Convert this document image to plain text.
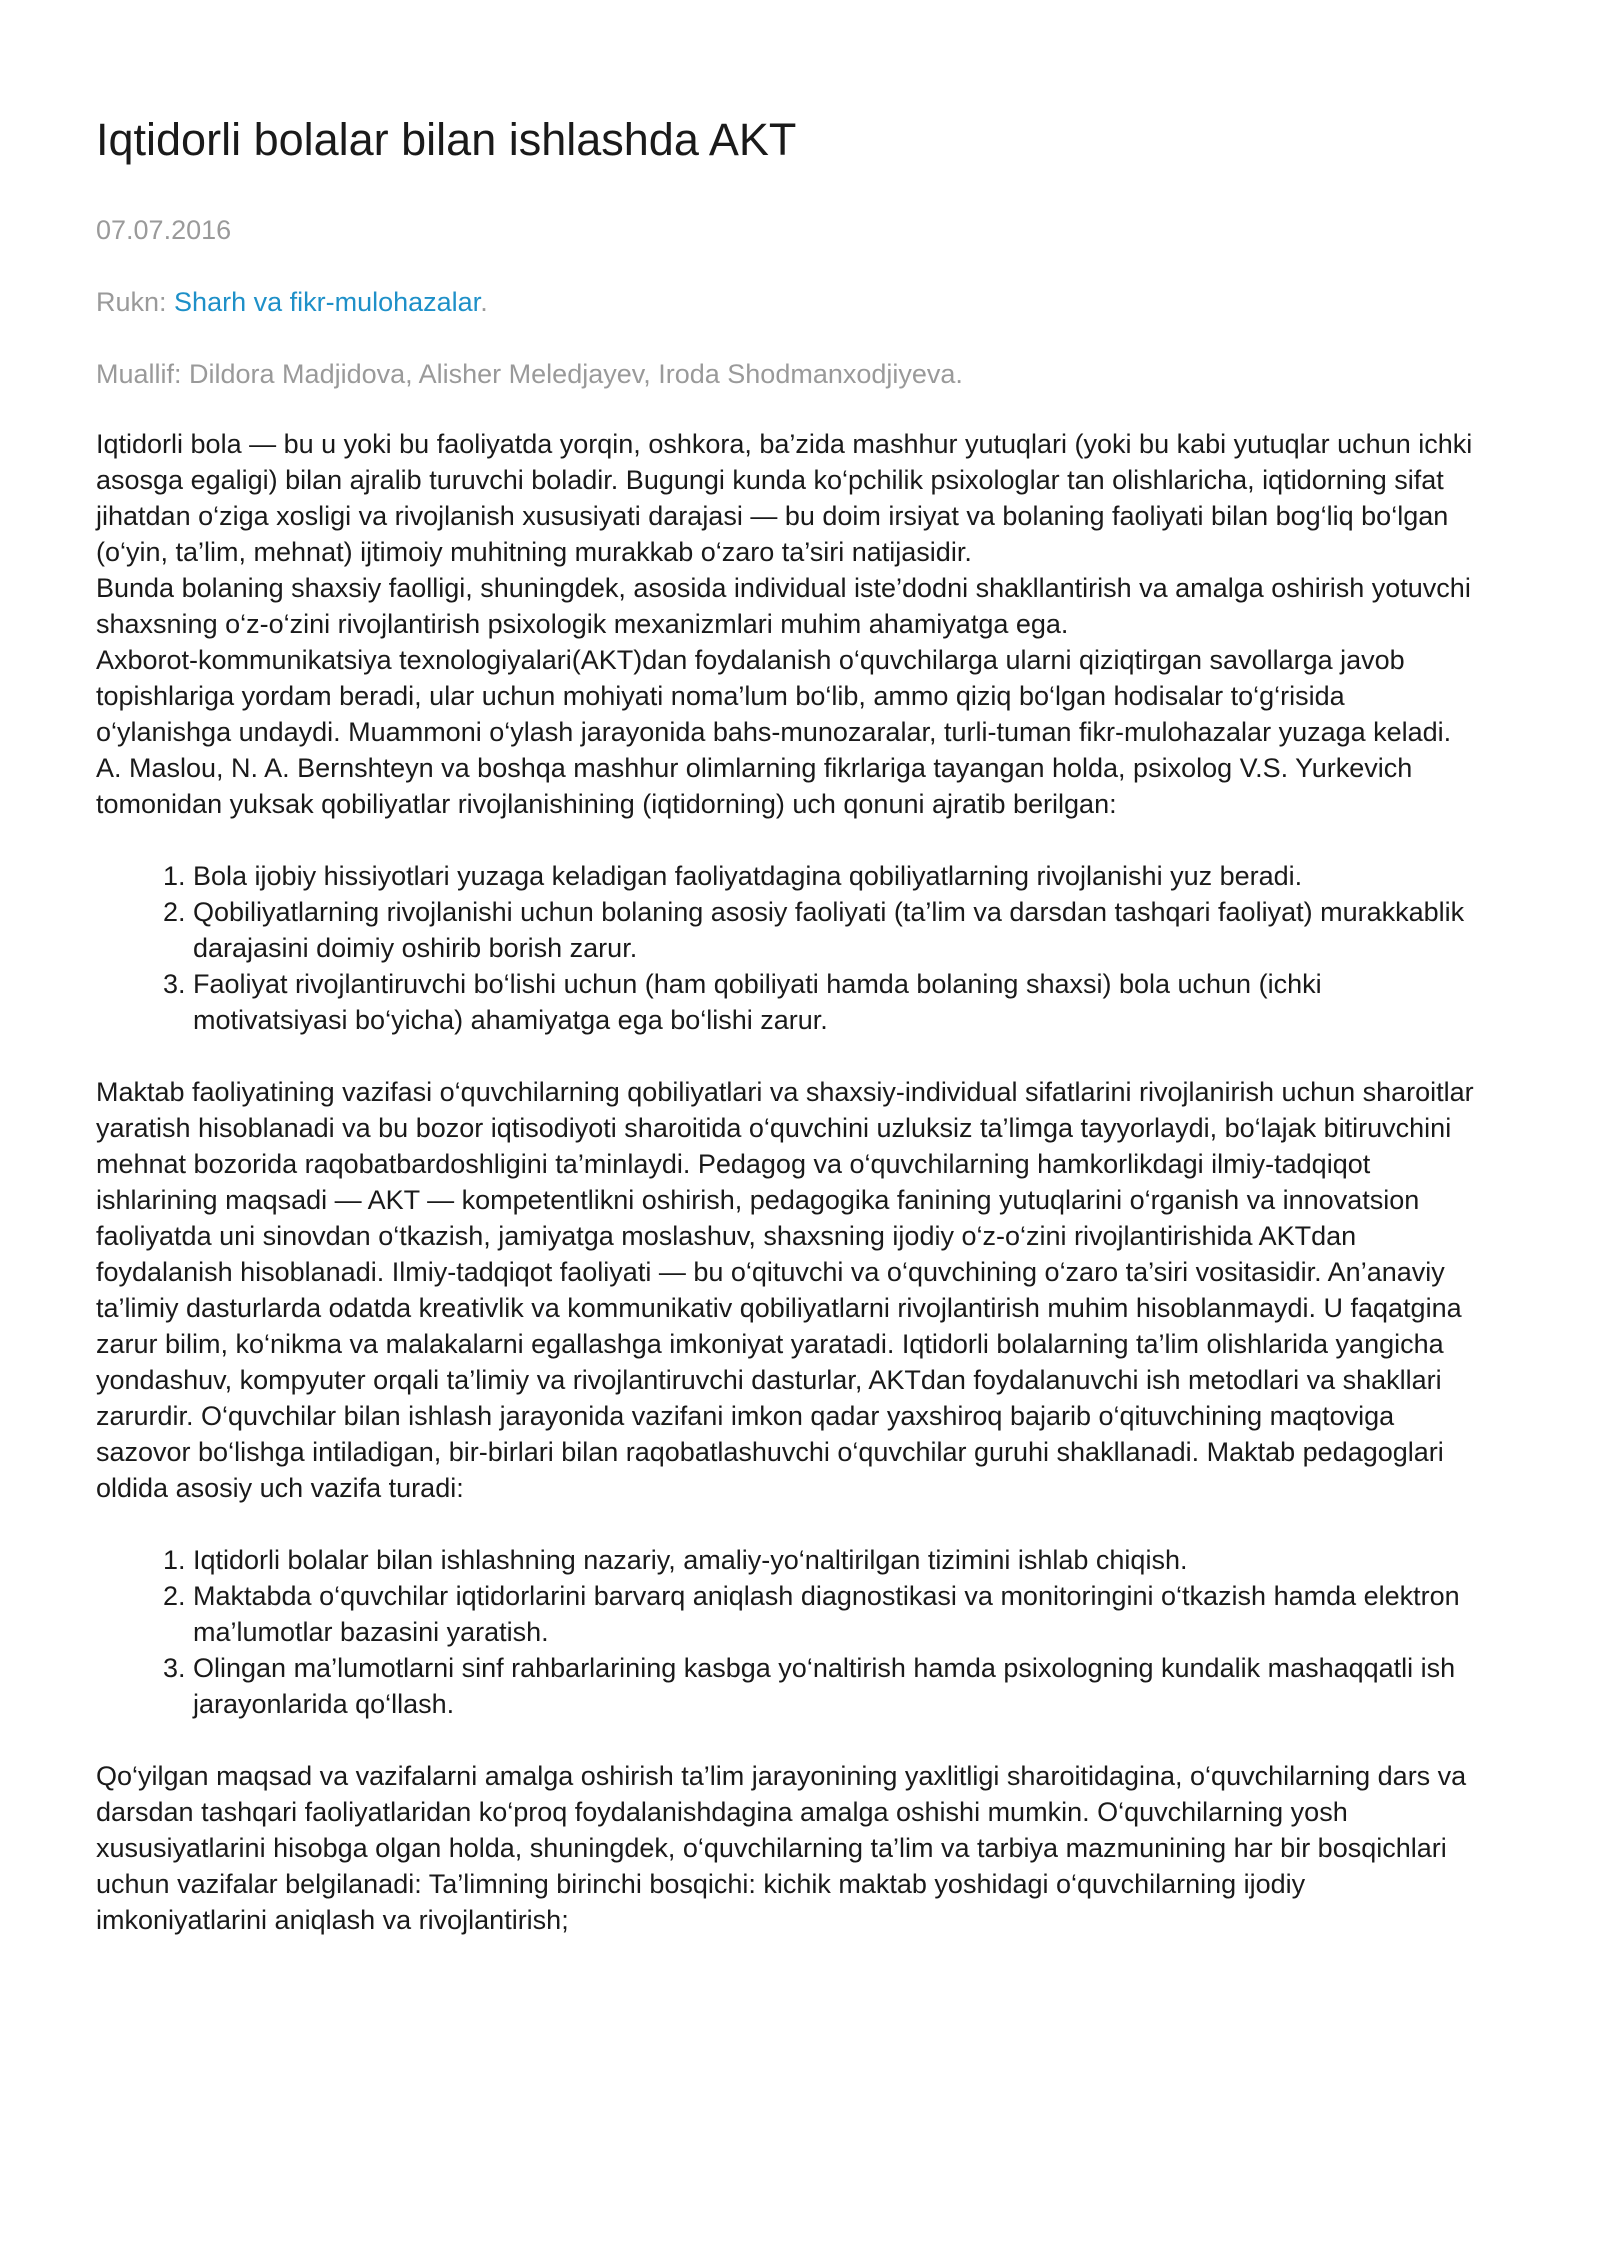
Iqtidorli bolalar bilan ishlashda AKT
07.07.2016
Rukn: Sharh va fikr-mulohazalar.
Muallif: Dildora Madjidova, Alisher Meledjayev, Iroda Shodmanxodjiyeva.

Iqtidorli bola — bu u yoki bu faoliyatda yorqin, oshkora, ba’zida mashhur yutuqlari (yoki bu kabi yutuqlar uchun ichki asosga egaligi) bilan ajralib turuvchi boladir. Bugungi kunda ko‘pchilik psixologlar tan olishlaricha, iqtidorning sifat jihatdan o‘ziga xosligi va rivojlanish xususiyati darajasi — bu doim irsiyat va bolaning faoliyati bilan bog‘liq bo‘lgan (o‘yin, ta’lim, mehnat) ijtimoiy muhitning murakkab o‘zaro ta’siri natijasidir.

Bunda bolaning shaxsiy faolligi, shuningdek, asosida individual iste’dodni shakllantirish va amalga oshirish yotuvchi shaxsning o‘z-o‘zini rivojlantirish psixologik mexanizmlari muhim ahamiyatga ega.

Axborot-kommunikatsiya texnologiyalari(AKT)dan foydalanish o‘quvchilarga ularni qiziqtirgan savollarga javob topishlariga yordam beradi, ular uchun mohiyati noma’lum bo‘lib, ammo qiziq bo‘lgan hodisalar to‘g‘risida o‘ylanishga undaydi. Muammoni o‘ylash jarayonida bahs-munozaralar, turli-tuman fikr-mulohazalar yuzaga keladi. A. Maslou, N. A. Bernshteyn va boshqa mashhur olimlarning fikrlariga tayangan holda, psixolog V.S. Yurkevich tomonidan yuksak qobiliyatlar rivojlanishining (iqtidorning) uch qonuni ajratib berilgan:

1. Bola ijobiy hissiyotlari yuzaga keladigan faoliyatdagina qobiliyatlarning rivojlanishi yuz beradi.
2. Qobiliyatlarning rivojlanishi uchun bolaning asosiy faoliyati (ta’lim va darsdan tashqari faoliyat) murakkablik darajasini doimiy oshirib borish zarur.
3. Faoliyat rivojlantiruvchi bo‘lishi uchun (ham qobiliyati hamda bolaning shaxsi) bola uchun (ichki motivatsiyasi bo‘yicha) ahamiyatga ega bo‘lishi zarur.

Maktab faoliyatining vazifasi o‘quvchilarning qobiliyatlari va shaxsiy-individual sifatlarini rivojlanirish uchun sharoitlar yaratish hisoblanadi va bu bozor iqtisodiyoti sharoitida o‘quvchini uzluksiz ta’limga tayyorlaydi, bo‘lajak bitiruvchini mehnat bozorida raqobatbardoshligini ta’minlaydi. Pedagog va o‘quvchilarning hamkorlikdagi ilmiy-tadqiqot ishlarining maqsadi — AKT — kompetentlikni oshirish, pedagogika fanining yutuqlarini o‘rganish va innovatsion faoliyatda uni sinovdan o‘tkazish, jamiyatga moslashuv, shaxsning ijodiy o‘z-o‘zini rivojlantirishida AKTdan foydalanish hisoblanadi. Ilmiy-tadqiqot faoliyati — bu o‘qituvchi va o‘quvchining o‘zaro ta’siri vositasidir. An’anaviy ta’limiy dasturlarda odatda kreativlik va kommunikativ qobiliyatlarni rivojlantirish muhim hisoblanmaydi. U faqatgina zarur bilim, ko‘nikma va malakalarni egallashga imkoniyat yaratadi. Iqtidorli bolalarning ta’lim olishlarida yangicha yondashuv, kompyuter orqali ta’limiy va rivojlantiruvchi dasturlar, AKTdan foydalanuvchi ish metodlari va shakllari zarurdir. O‘quvchilar bilan ishlash jarayonida vazifani imkon qadar yaxshiroq bajarib o‘qituvchining maqtoviga sazovor bo‘lishga intiladigan, bir-birlari bilan raqobatlashuvchi o‘quvchilar guruhi shakllanadi. Maktab pedagoglari oldida asosiy uch vazifa turadi:

1. Iqtidorli bolalar bilan ishlashning nazariy, amaliy-yo‘naltirilgan tizimini ishlab chiqish.
2. Maktabda o‘quvchilar iqtidorlarini barvarq aniqlash diagnostikasi va monitoringini o‘tkazish hamda elektron ma’lumotlar bazasini yaratish.
3. Olingan ma’lumotlarni sinf rahbarlarining kasbga yo‘naltirish hamda psixologning kundalik mashaqqatli ish jarayonlarida qo‘llash.

Qo‘yilgan maqsad va vazifalarni amalga oshirish ta’lim jarayonining yaxlitligi sharoitidagina, o‘quvchilarning dars va darsdan tashqari faoliyatlaridan ko‘proq foydalanishdagina amalga oshishi mumkin. O‘quvchilarning yosh xususiyatlarini hisobga olgan holda, shuningdek, o‘quvchilarning ta’lim va tarbiya mazmunining har bir bosqichlari uchun vazifalar belgilanadi: Ta’limning birinchi bosqichi: kichik maktab yoshidagi o‘quvchilarning ijodiy imkoniyatlarini aniqlash va rivojlantirish;
